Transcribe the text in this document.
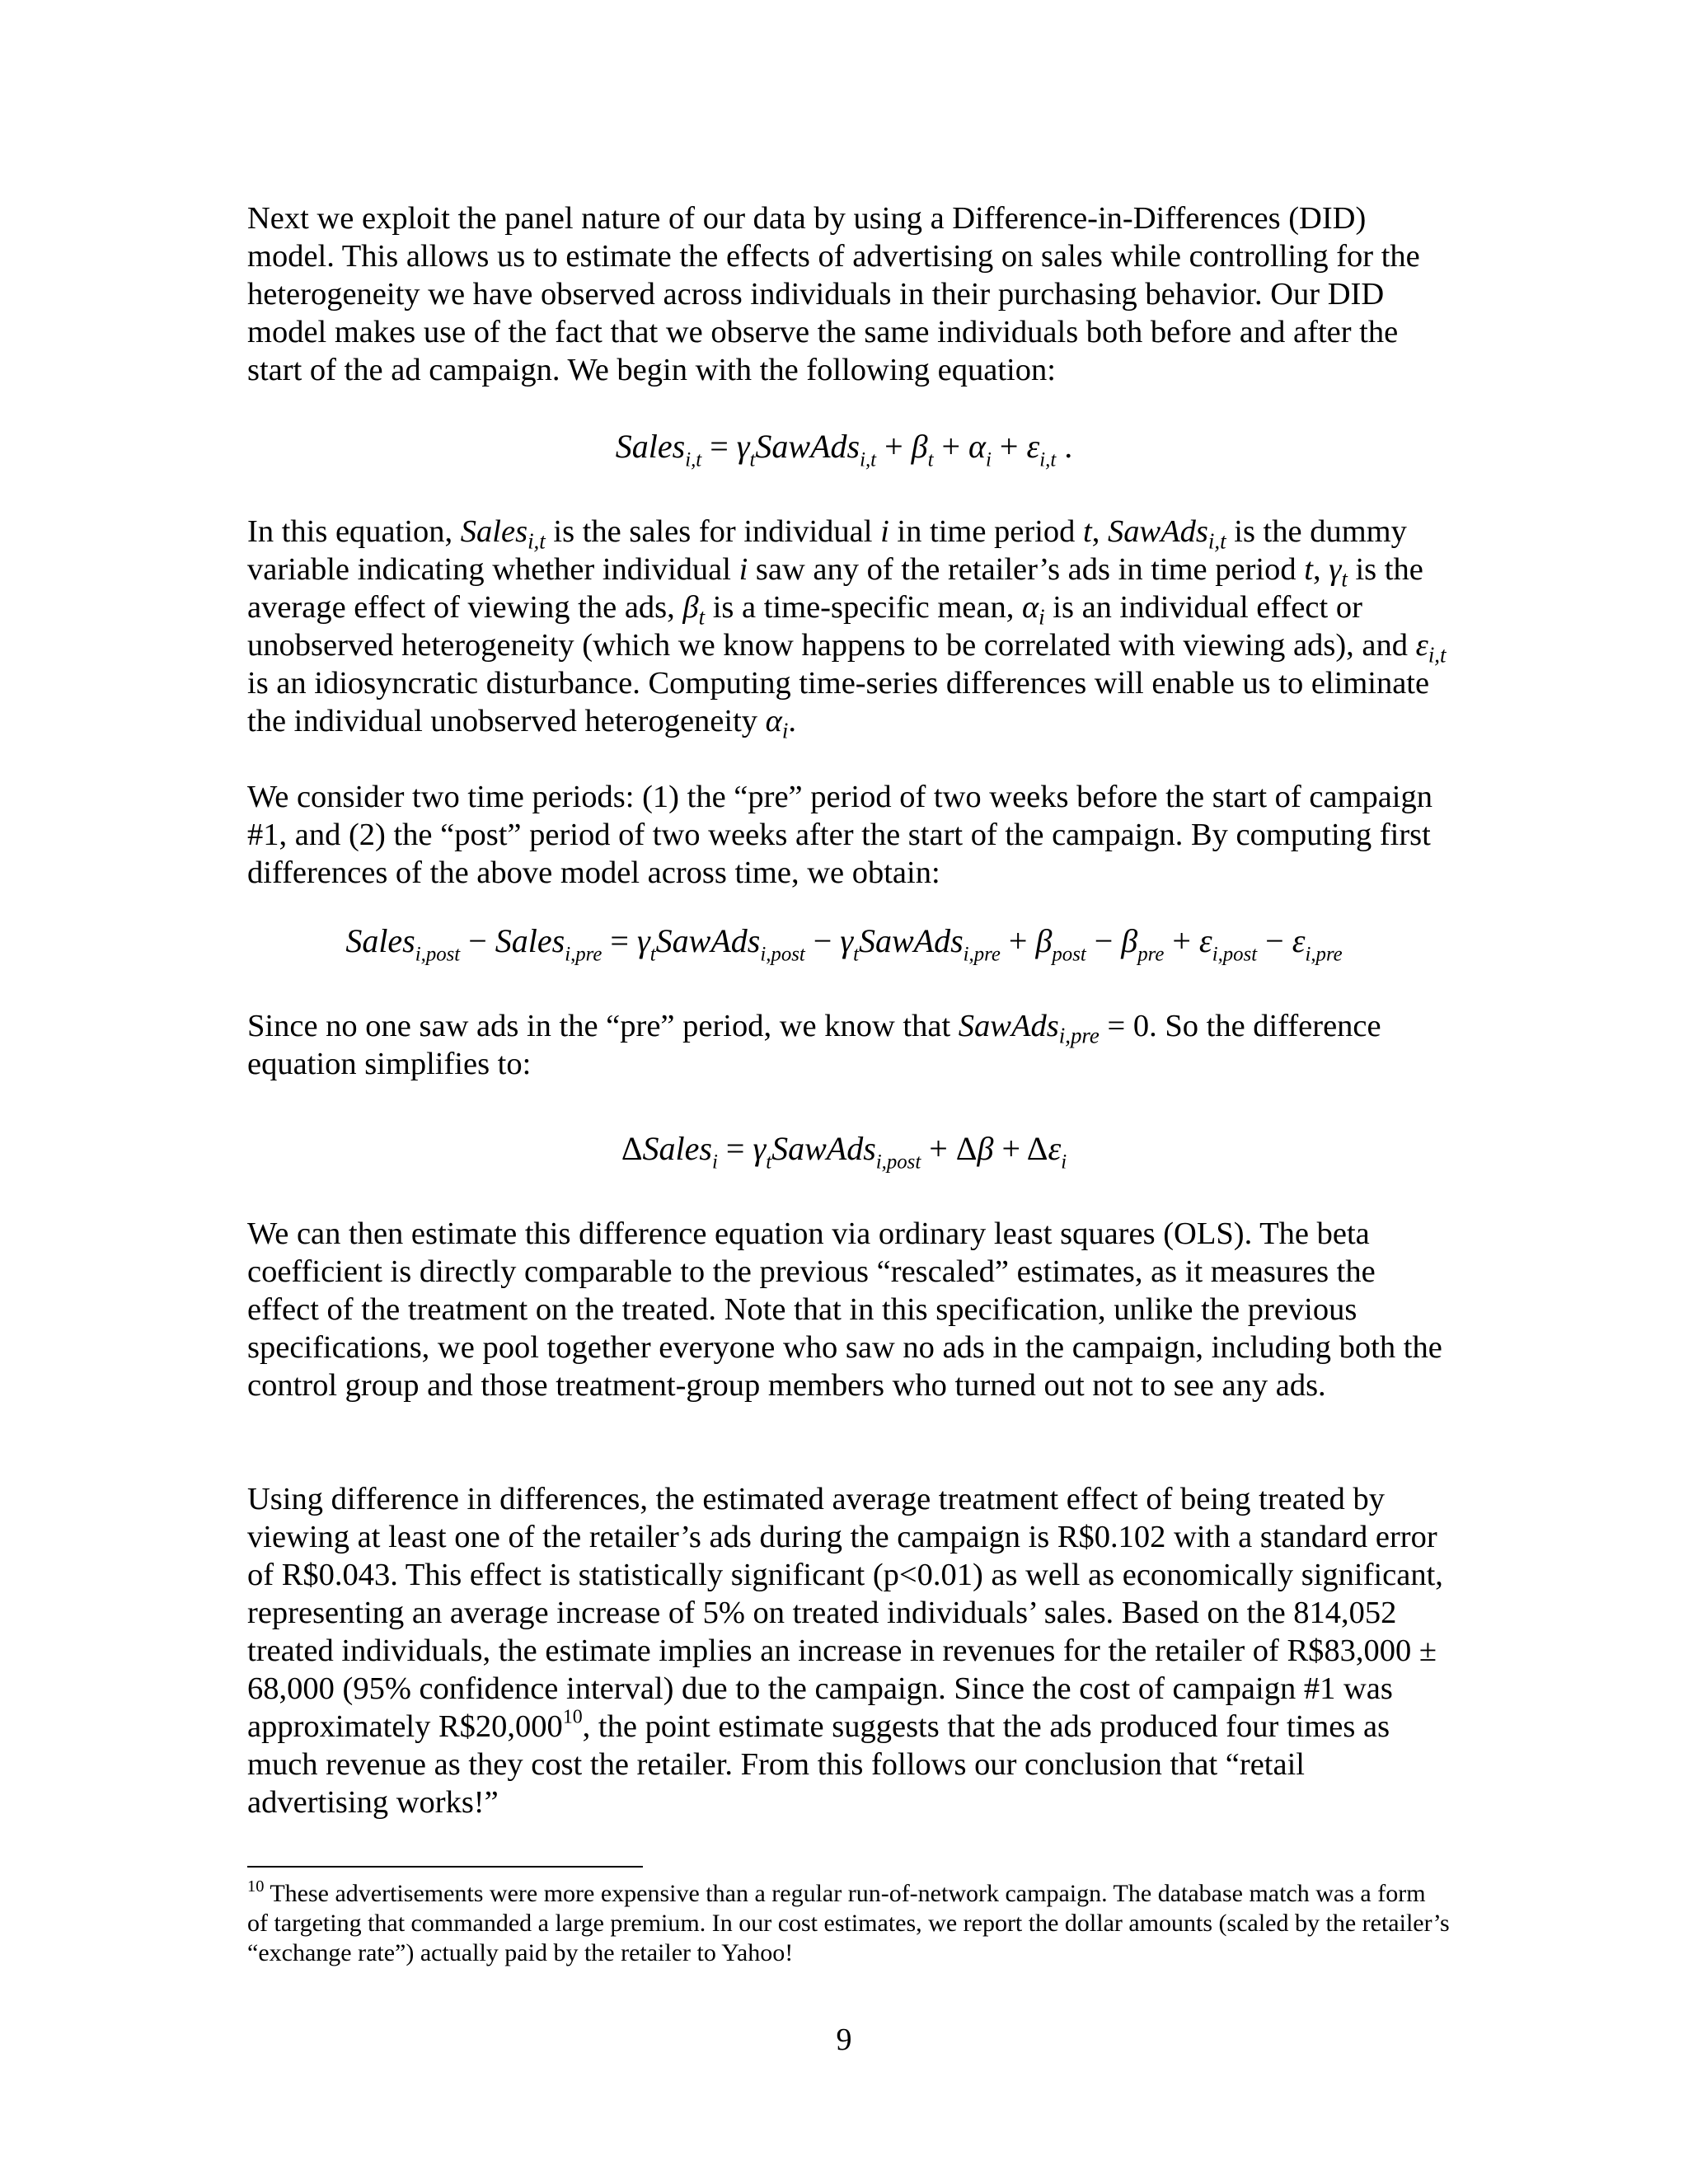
Next we exploit the panel nature of our data by using a Difference-in-Differences (DID) model. This allows us to estimate the effects of advertising on sales while controlling for the heterogeneity we have observed across individuals in their purchasing behavior. Our DID model makes use of the fact that we observe the same individuals both before and after the start of the ad campaign. We begin with the following equation:

Sales$_{i,t}$ = $\gamma_tSawAds_{i,t} + \beta_t + \alpha_i + \varepsilon_{i,t}$ .

In this equation, Sales$_{i,t}$ is the sales for individual i in time period t, SawAds$_{i,t}$ is the dummy variable indicating whether individual i saw any of the retailer’s ads in time period t, $\gamma_t$ is the average effect of viewing the ads, $\beta_t$ is a time-specific mean, $\alpha_i$ is an individual effect or unobserved heterogeneity (which we know happens to be correlated with viewing ads), and $\varepsilon_{i,t}$ is an idiosyncratic disturbance. Computing time-series differences will enable us to eliminate the individual unobserved heterogeneity $\alpha_i$.

We consider two time periods: (1) the “pre” period of two weeks before the start of campaign #1, and (2) the “post” period of two weeks after the start of the campaign. By computing first differences of the above model across time, we obtain:

Sales$_{i,post}$ − Sales$_{i,pre}$ = $\gamma_tSawAds_{i,post}$ − $\gamma_tSawAds_{i,pre} + \beta_{post} - \beta_{pre} + \varepsilon_{i,post} - \varepsilon_{i,pre}$

Since no one saw ads in the “pre” period, we know that SawAds$_{i,pre}$ = 0. So the difference equation simplifies to:

ΔSales$_i$ = $\gamma_tSawAds_{i,post} + \Delta\beta + \Delta\varepsilon_i$

We can then estimate this difference equation via ordinary least squares (OLS). The beta coefficient is directly comparable to the previous “rescaled” estimates, as it measures the effect of the treatment on the treated. Note that in this specification, unlike the previous specifications, we pool together everyone who saw no ads in the campaign, including both the control group and those treatment-group members who turned out not to see any ads.

Using difference in differences, the estimated average treatment effect of being treated by viewing at least one of the retailer’s ads during the campaign is R$0.102 with a standard error of R$0.043. This effect is statistically significant (p<0.01) as well as economically significant, representing an average increase of 5% on treated individuals’ sales. Based on the 814,052 treated individuals, the estimate implies an increase in revenues for the retailer of R$83,000 ± 68,000 (95% confidence interval) due to the campaign. Since the cost of campaign #1 was approximately R$20,000$^{10}$, the point estimate suggests that the ads produced four times as much revenue as they cost the retailer. From this follows our conclusion that “retail advertising works!”

$^{10}$ These advertisements were more expensive than a regular run-of-network campaign. The database match was a form of targeting that commanded a large premium. In our cost estimates, we report the dollar amounts (scaled by the retailer’s “exchange rate”) actually paid by the retailer to Yahoo!
9
